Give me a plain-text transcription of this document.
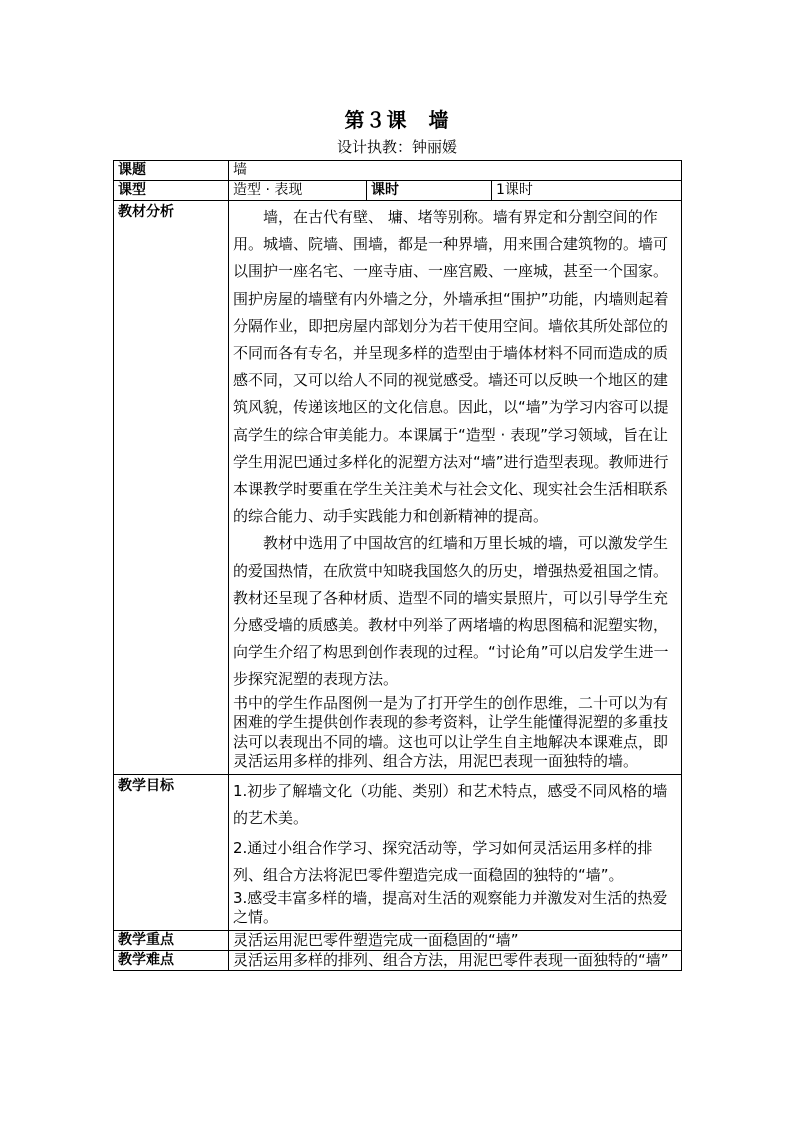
第３课　墙
设计执教：钟丽媛
课题	墙		
课型	造型 · 表现	课时	1课时
教材分析	墙，在古代有壁、 墉、堵等别称。墙有界定和分割空间的作用。城墙、院墙、围墙，都是一种界墙，用来围合建筑物的。墙可以围护一座名宅、一座寺庙、一座宫殿、一座城，甚至一个国家。围护房屋的墙壁有内外墙之分，外墙承担“围护”功能，内墙则起着分隔作业，即把房屋内部划分为若干使用空间。墙依其所处部位的不同而各有专名，并呈现多样的造型由于墙体材料不同而造成的质感不同，又可以给人不同的视觉感受。墙还可以反映一个地区的建筑风貌，传递该地区的文化信息。因此，以“墙”为学习内容可以提高学生的综合审美能力。本课属于“造型 · 表现”学习领域，旨在让学生用泥巴通过多样化的泥塑方法对“墙”进行造型表现。教师进行本课教学时要重在学生关注美术与社会文化、现实社会生活相联系的综合能力、动手实践能力和创新精神的提高。

教材中选用了中国故宫的红墙和万里长城的墙，可以激发学生的爱国热情，在欣赏中知晓我国悠久的历史，增强热爱祖国之情。教材还呈现了各种材质、造型不同的墙实景照片，可以引导学生充分感受墙的质感美。教材中列举了两堵墙的构思图稿和泥塑实物，向学生介绍了构思到创作表现的过程。“讨论角”可以启发学生进一步探究泥塑的表现方法。

书中的学生作品图例一是为了打开学生的创作思维，二十可以为有困难的学生提供创作表现的参考资料，让学生能懂得泥塑的多重技法可以表现出不同的墙。这也可以让学生自主地解决本课难点，即灵活运用多样的排列、组合方法，用泥巴表现一面独特的墙。		

教学目标	1.初步了解墙文化（功能、类别）和艺术特点，感受不同风格的墙的艺术美。

2.通过小组合作学习、探究活动等，学习如何灵活运用多样的排列、组合方法将泥巴零件塑造完成一面稳固的独特的“墙”。

3.感受丰富多样的墙，提高对生活的观察能力并激发对生活的热爱之情。		

教学重点	灵活运用泥巴零件塑造完成一面稳固的“墙”		
教学难点	灵活运用多样的排列、组合方法，用泥巴零件表现一面独特的“墙”		
